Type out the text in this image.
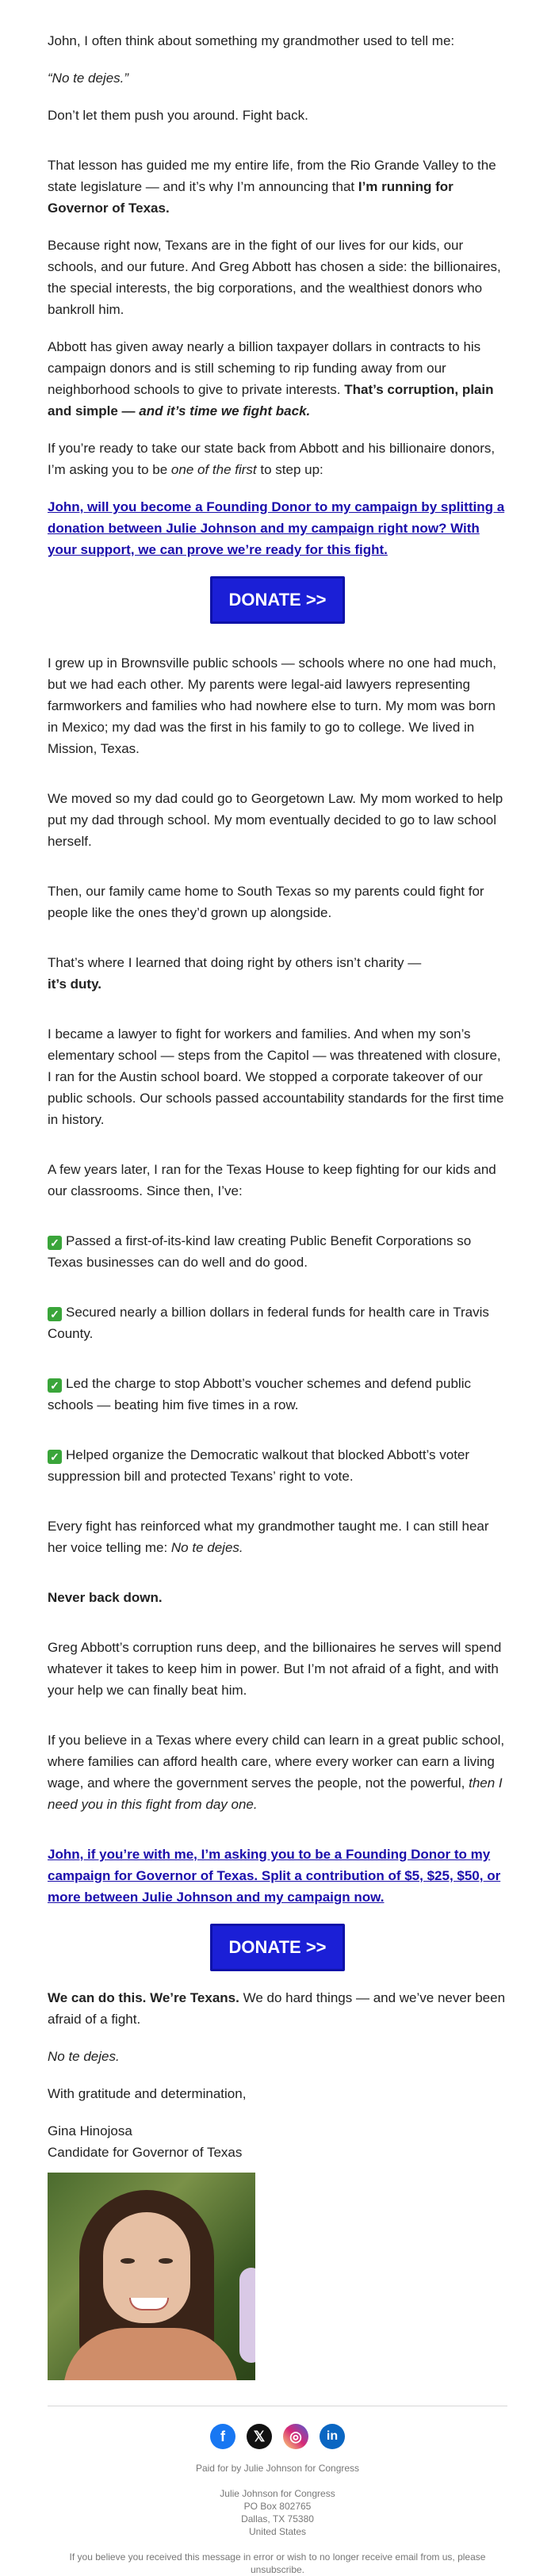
John, I often think about something my grandmother used to tell me:

“No te dejes.”

Don’t let them push you around. Fight back.

That lesson has guided me my entire life, from the Rio Grande Valley to the state legislature — and it’s why I’m announcing that I’m running for Governor of Texas.

Because right now, Texans are in the fight of our lives for our kids, our schools, and our future. And Greg Abbott has chosen a side: the billionaires, the special interests, the big corporations, and the wealthiest donors who bankroll him.

Abbott has given away nearly a billion taxpayer dollars in contracts to his campaign donors and is still scheming to rip funding away from our neighborhood schools to give to private interests. That’s corruption, plain and simple — and it’s time we fight back.

If you’re ready to take our state back from Abbott and his billionaire donors, I’m asking you to be one of the first to step up:

John, will you become a Founding Donor to my campaign by splitting a donation between Julie Johnson and my campaign right now? With your support, we can prove we’re ready for this fight.

DONATE >>

I grew up in Brownsville public schools — schools where no one had much, but we had each other. My parents were legal-aid lawyers representing farmworkers and families who had nowhere else to turn. My mom was born in Mexico; my dad was the first in his family to go to college. We lived in Mission, Texas.

We moved so my dad could go to Georgetown Law. My mom worked to help put my dad through school. My mom eventually decided to go to law school herself.

Then, our family came home to South Texas so my parents could fight for people like the ones they’d grown up alongside.

That’s where I learned that doing right by others isn’t charity —
it’s duty.

I became a lawyer to fight for workers and families. And when my son’s elementary school — steps from the Capitol — was threatened with closure, I ran for the Austin school board. We stopped a corporate takeover of our public schools. Our schools passed accountability standards for the first time in history.

A few years later, I ran for the Texas House to keep fighting for our kids and our classrooms. Since then, I’ve:

✓ Passed a first-of-its-kind law creating Public Benefit Corporations so Texas businesses can do well and do good.

✓ Secured nearly a billion dollars in federal funds for health care in Travis County.

✓ Led the charge to stop Abbott’s voucher schemes and defend public schools — beating him five times in a row.

✓ Helped organize the Democratic walkout that blocked Abbott’s voter suppression bill and protected Texans’ right to vote.

Every fight has reinforced what my grandmother taught me. I can still hear her voice telling me: No te dejes.

Never back down.

Greg Abbott’s corruption runs deep, and the billionaires he serves will spend whatever it takes to keep him in power. But I’m not afraid of a fight, and with your help we can finally beat him.

If you believe in a Texas where every child can learn in a great public school, where families can afford health care, where every worker can earn a living wage, and where the government serves the people, not the powerful, then I need you in this fight from day one.

John, if you’re with me, I’m asking you to be a Founding Donor to my campaign for Governor of Texas. Split a contribution of $5, $25, $50, or more between Julie Johnson and my campaign now.

DONATE >>

We can do this. We’re Texans. We do hard things — and we’ve never been afraid of a fight.

No te dejes.

With gratitude and determination,

Gina Hinojosa
Candidate for Governor of Texas

f	𝕏	◎	in

Paid for by Julie Johnson for Congress

Julie Johnson for Congress
PO Box 802765
Dallas, TX 75380
United States

If you believe you received this message in error or wish to no longer receive email from us, please unsubscribe.
